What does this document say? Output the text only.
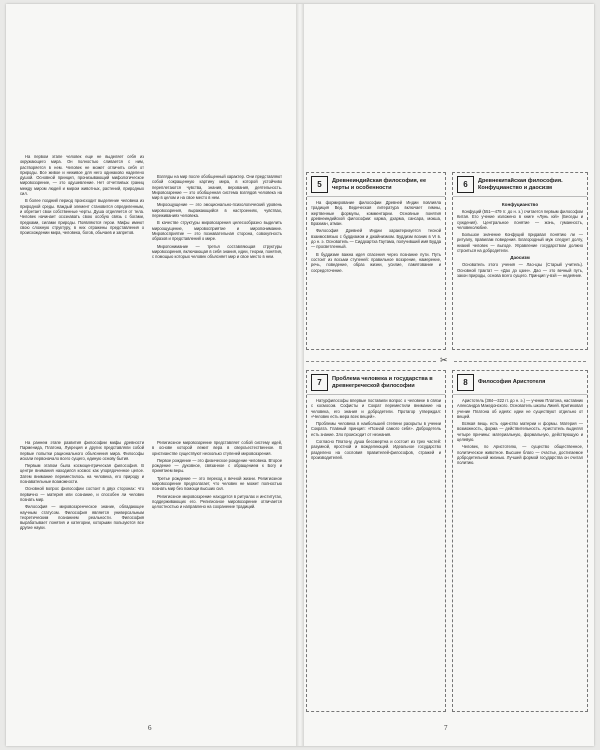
На первом этапе человек еще не выделяет себя из окружающего мира. Он полностью сливается с ним, растворяется в нем. Человек не может отличить себя от природы. Все живое и неживое для него одинаково наделено душой. Основной принцип, пронизывающий мифологическое мировоззрение, — это одушевление. Нет отчетливых границ между миром людей и миром животных, растений, природных сил.

В более поздний период происходит выделение человека из природной среды. Каждый элемент становится определенным, и обретает свои собственные черты. Душа отделяется от тела. Человек начинает осознавать свою особую связь с богами, предками, силами природы. Появляются герои. Мифы имеют свою сложную структуру, в них отражены представления о происхождении мира, человека, богов, обычаев и запретов.

Взгляды на мир после обобщенный характер. Они представляют собой сокращенную картину мира, в которой устойчиво переплетаются чувства, знания, верования, деятельность. Мировоззрение — это обобщенная система взглядов человека на мир в целом и на свое место в нем.

Мироощущение — это эмоционально-психологический уровень мировоззрения, выражающийся в настроениях, чувствах, переживаниях человека.

В качестве структуры мировоззрения целесообразно выделить мироощущение, мировосприятие и миропонимание. Мировосприятие — это познавательная сторона, совокупность образов и представлений о мире.

Миропонимание — третья составляющая структуры мировоззрения, включающая в себя знания, идеи, теории, понятия, с помощью которых человек объясняет мир и свое место в нем.

На раннем этапе развития философии мифы древности Парменида, Платона, Лукреция и других представляли собой первые попытки рационального объяснения мира. Философы искали первоначало всего сущего, единую основу бытия.

Первым этапом была космоцентрическая философия. В центре внимания находился космос как упорядоченное целое. Затем внимание переместилось на человека, его природу и познавательные возможности.

Основной вопрос философии состоит в двух сторонах: что первично — материя или сознание, и способен ли человек познать мир.

Философия — мировоззренческое знание, обладающее научным статусом. Философия является универсальным теоретическим познанием реальности. Философия вырабатывает понятия и категории, которыми пользуются все другие науки.

Религиозное мировоззрение представляет собой систему идей, в основе которой лежит вера в сверхъестественное. В христианстве существуют несколько ступеней мировоззрения.

Первое рождение — это физическое рождение человека. Второе рождение — духовное, связанное с обращением к Богу и принятием веры.

Третье рождение — это переход к вечной жизни. Религиозное мировоззрение предполагает, что человек не может полностью познать мир без помощи высших сил.

Религиозное мировоззрение находится в ритуалах и институтах, поддерживающих его. Религиозное мировоззрение отличается целостностью и направлено на сохранение традиций.

6
5	Древнеиндийская философия, ее черты и особенности

На формирование философии Древней Индии повлияла традиция Вед. Ведическая литература включает гимны, жертвенные формулы, комментарии. Основные понятия древнеиндийской философии: карма, дхарма, сансара, мокша, Брахман, атман.

Философия Древней Индии характеризуется тесной взаимосвязью с буддизмом и джайнизмом. Буддизм возник в VI в. до н. э. Основатель — Сиддхартха Гаутама, получивший имя Будда — просветленный.

В буддизме важна идея спасения через познание пути. Путь состоит из восьми ступеней: правильное воззрение, намерение, речь, поведение, образ жизни, усилие, памятование и сосредоточение.

6	Древнекитайская философия. Конфуцианство и даосизм
Конфуцианство

Конфуций (551—479 гг. до н. э.) считается первым философом Китая. Его учение изложено в книге «Лунь юй» (Беседы и суждения). Центральное понятие — жэнь, гуманность, человеколюбие.

Большое значение Конфуций придавал понятию ли — ритуалу, правилам поведения. Благородный муж следует долгу, низкий человек — выгоде. Управление государством должно строиться на добродетели.

Даосизм

Основатель этого учения — Лао-цзы (Старый учитель). Основной трактат — «Дао дэ цзин». Дао — это вечный путь, закон природы, основа всего сущего. Принцип у-вэй — недеяние.

✂
7	Проблема человека и государства в древнегреческой философии

Натурфилософы впервые поставили вопрос о человеке в связи с космосом. Софисты и Сократ переместили внимание на человека, его знания и добродетели. Протагор утверждал: «Человек есть мера всех вещей».

Проблемы человека в наибольшей степени раскрыты в учении Сократа. Главный принцип: «Познай самого себя». Добродетель есть знание. Зло происходит от незнания.

Согласно Платону, душа бессмертна и состоит из трех частей: разумной, яростной и вожделеющей. Идеальное государство разделено на сословия правителей-философов, стражей и производителей.

8	Философия Аристотеля

Аристотель (384—322 гг. до н. э.) — ученик Платона, наставник Александра Македонского. Основатель школы Ликей. Критиковал учение Платона об идеях: идеи не существуют отдельно от вещей.

Всякая вещь есть единство материи и формы. Материя — возможность, форма — действительность. Аристотель выделял четыре причины: материальную, формальную, действующую и целевую.

Человек, по Аристотелю, — существо общественное, политическое животное. Высшее благо — счастье, достигаемое добродетельной жизнью. Лучшей формой государства он считал политию.

7
